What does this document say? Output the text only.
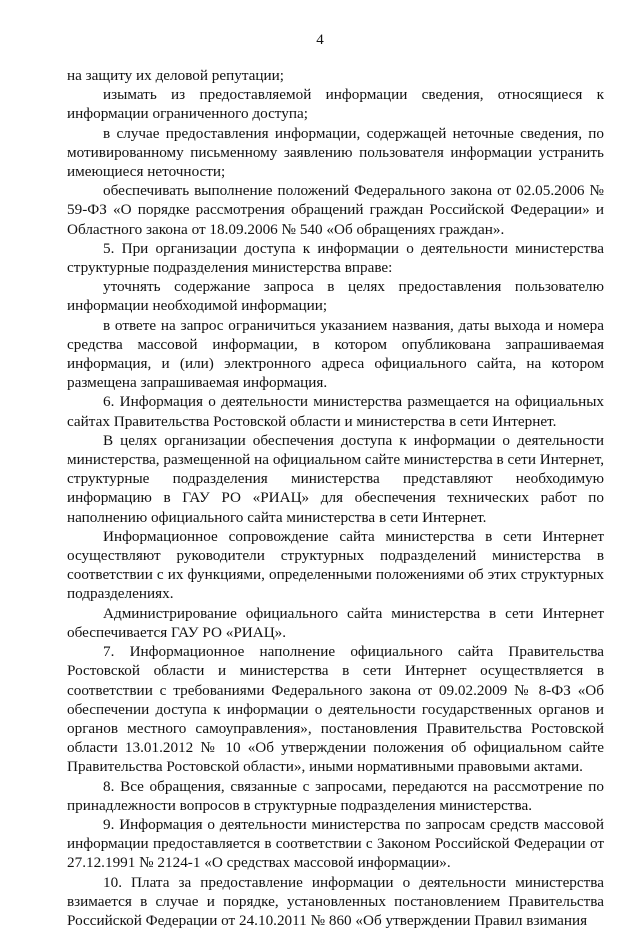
4

на защиту их деловой репутации;

изымать из предоставляемой информации сведения, относящиеся к информации ограниченного доступа;

в случае предоставления информации, содержащей неточные сведения, по мотивированному письменному заявлению пользователя информации устранить имеющиеся неточности;

обеспечивать выполнение положений Федерального закона от 02.05.2006 № 59-ФЗ «О порядке рассмотрения обращений граждан Российской Федерации» и Областного закона от 18.09.2006 № 540 «Об обращениях граждан».

5. При организации доступа к информации о деятельности министерства структурные подразделения министерства вправе:

уточнять содержание запроса в целях предоставления пользователю информации необходимой информации;

в ответе на запрос ограничиться указанием названия, даты выхода и номера средства массовой информации, в котором опубликована запрашиваемая информация, и (или) электронного адреса официального сайта, на котором размещена запрашиваемая информация.

6. Информация о деятельности министерства размещается на официальных сайтах Правительства Ростовской области и министерства в сети Интернет.

В целях организации обеспечения доступа к информации о деятельности министерства, размещенной на официальном сайте министерства в сети Интернет, структурные подразделения министерства представляют необходимую информацию в ГАУ РО «РИАЦ» для обеспечения технических работ по наполнению официального сайта министерства в сети Интернет.

Информационное сопровождение сайта министерства в сети Интернет осуществляют руководители структурных подразделений министерства в соответствии с их функциями, определенными положениями об этих структурных подразделениях.

Администрирование официального сайта министерства в сети Интернет обеспечивается ГАУ РО «РИАЦ».

7. Информационное наполнение официального сайта Правительства Ростовской области и министерства в сети Интернет осуществляется в соответствии с требованиями Федерального закона от 09.02.2009 № 8-ФЗ «Об обеспечении доступа к информации о деятельности государственных органов и органов местного самоуправления», постановления Правительства Ростовской области 13.01.2012 № 10 «Об утверждении положения об официальном сайте Правительства Ростовской области», иными нормативными правовыми актами.

8. Все обращения, связанные с запросами, передаются на рассмотрение по принадлежности вопросов в структурные подразделения министерства.

9. Информация о деятельности министерства по запросам средств массовой информации предоставляется в соответствии с Законом Российской Федерации от 27.12.1991 № 2124-1 «О средствах массовой информации».

10. Плата за предоставление информации о деятельности министерства взимается в случае и порядке, установленных постановлением Правительства Российской Федерации от 24.10.2011 № 860 «Об утверждении Правил взимания
